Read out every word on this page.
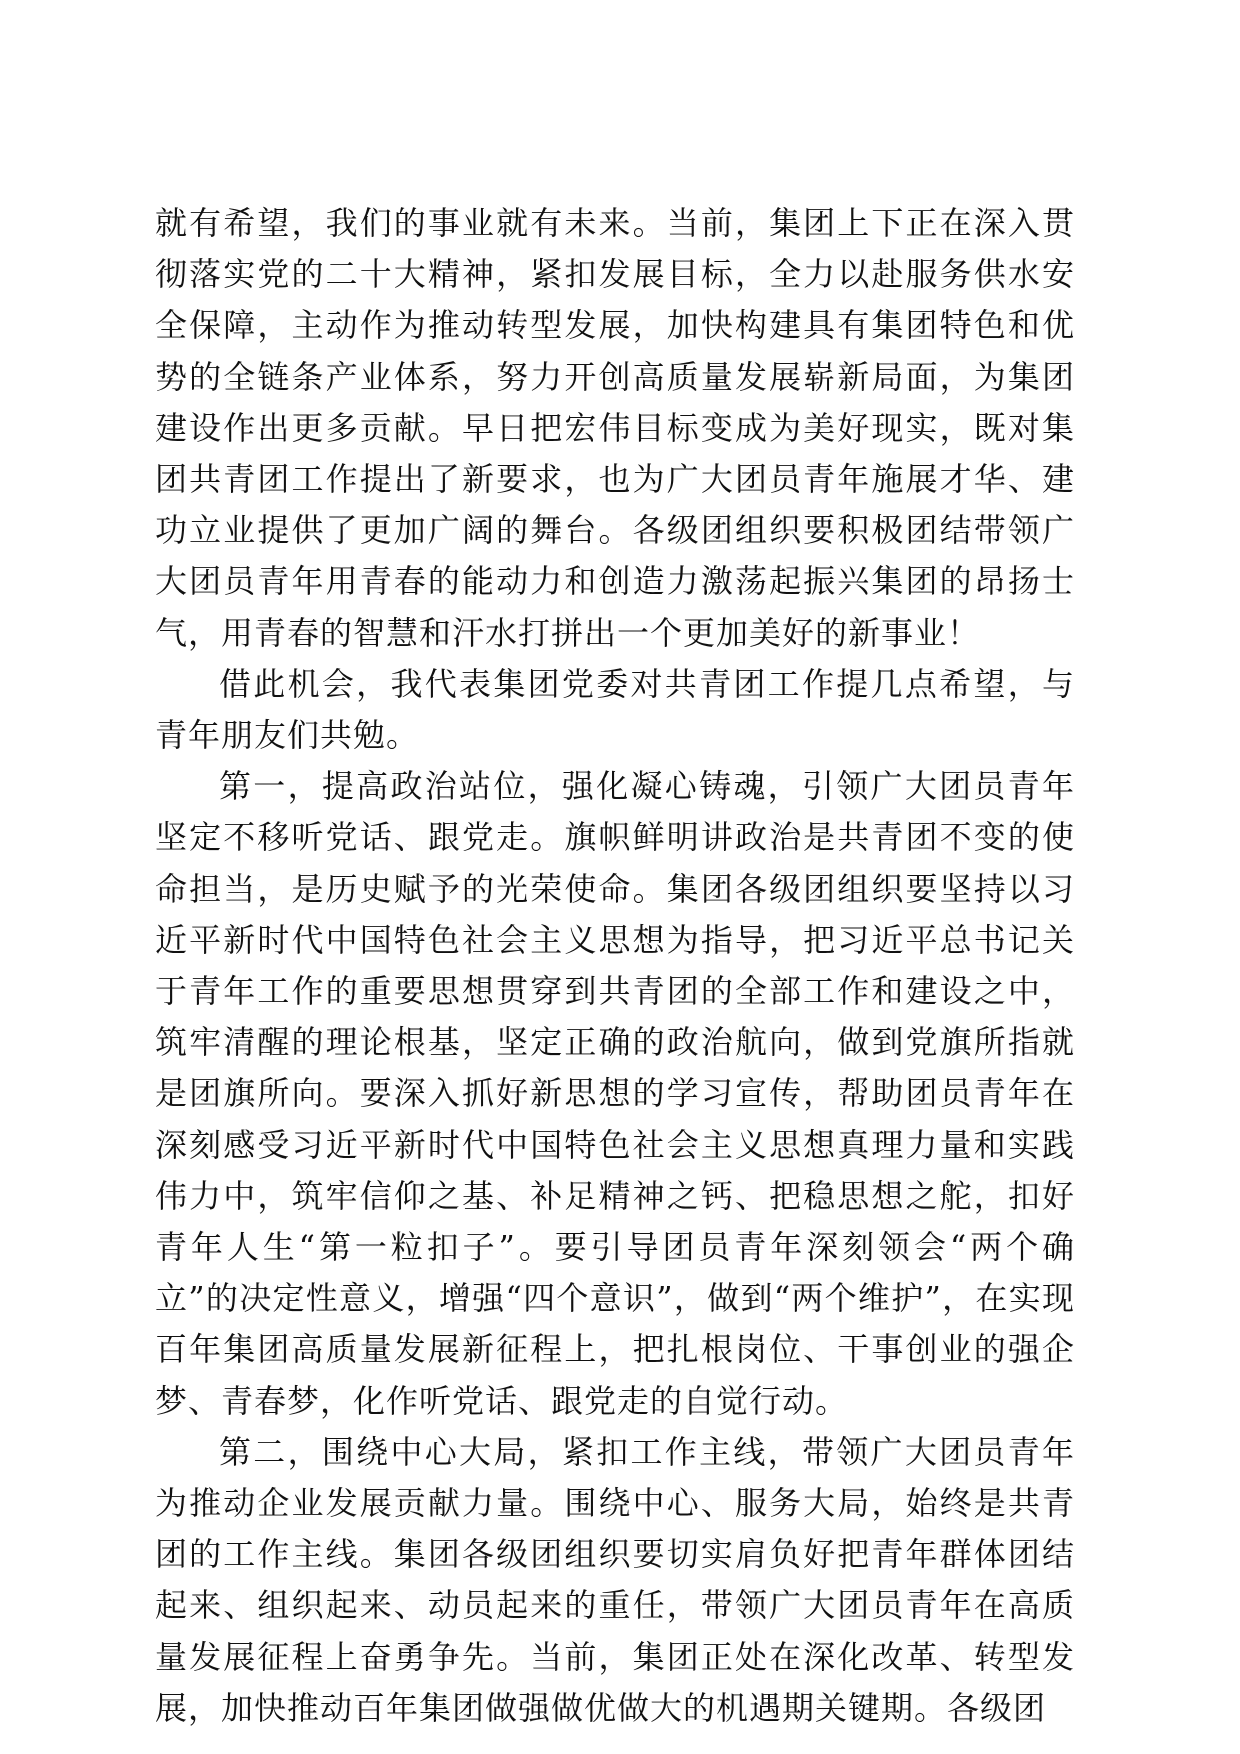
就有希望，我们的事业就有未来。当前，集团上下正在深入贯彻落实党的二十大精神，紧扣发展目标，全力以赴服务供水安全保障，主动作为推动转型发展，加快构建具有集团特色和优势的全链条产业体系，努力开创高质量发展崭新局面，为集团建设作出更多贡献。早日把宏伟目标变成为美好现实，既对集团共青团工作提出了新要求，也为广大团员青年施展才华、建功立业提供了更加广阔的舞台。各级团组织要积极团结带领广大团员青年用青春的能动力和创造力激荡起振兴集团的昂扬士气，用青春的智慧和汗水打拼出一个更加美好的新事业！

借此机会，我代表集团党委对共青团工作提几点希望，与青年朋友们共勉。

第一，提高政治站位，强化凝心铸魂，引领广大团员青年坚定不移听党话、跟党走。旗帜鲜明讲政治是共青团不变的使命担当，是历史赋予的光荣使命。集团各级团组织要坚持以习近平新时代中国特色社会主义思想为指导，把习近平总书记关于青年工作的重要思想贯穿到共青团的全部工作和建设之中，筑牢清醒的理论根基，坚定正确的政治航向，做到党旗所指就是团旗所向。要深入抓好新思想的学习宣传，帮助团员青年在深刻感受习近平新时代中国特色社会主义思想真理力量和实践伟力中，筑牢信仰之基、补足精神之钙、把稳思想之舵，扣好青年人生“第一粒扣子”。要引导团员青年深刻领会“两个确立”的决定性意义，增强“四个意识”，做到“两个维护”，在实现百年集团高质量发展新征程上，把扎根岗位、干事创业的强企梦、青春梦，化作听党话、跟党走的自觉行动。

第二，围绕中心大局，紧扣工作主线，带领广大团员青年为推动企业发展贡献力量。围绕中心、服务大局，始终是共青团的工作主线。集团各级团组织要切实肩负好把青年群体团结起来、组织起来、动员起来的重任，带领广大团员青年在高质量发展征程上奋勇争先。当前，集团正处在深化改革、转型发展，加快推动百年集团做强做优做大的机遇期关键期。各级团
